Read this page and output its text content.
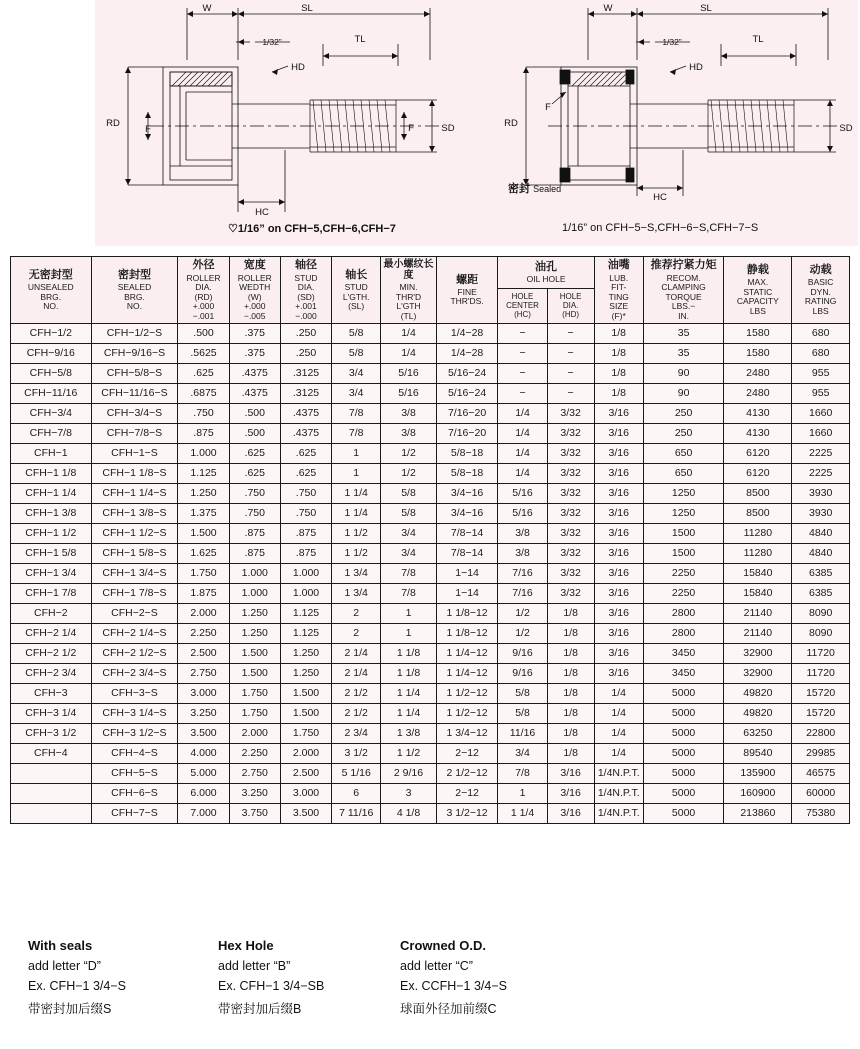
W	SL
1/32”	TL
HD
RD
F	F	SD
HC
W	SL
1/32”	TL
HD
RD
F
SD
HC
密封 Sealed
♡1/16” on CFH−5,CFH−6,CFH−7	1/16” on CFH−5−S,CFH−6−S,CFH−7−S
无密封型
UNSEALED
BRG.
NO.

密封型
SEALED
BRG.
NO.

外径
ROLLER
DIA.
(RD)
+.000
−.001

宽度
ROLLER
WEDTH
(W)
+.000
−.005

轴径
STUD
DIA.
(SD)
+.001
−.000

轴长
STUD
L'GTH.
(SL)

最小螺纹长度
MIN.
THR'D
L'GTH
(TL)

螺距
FINE
THR'DS.

油孔
OIL HOLE

油嘴
LUB.
FIT-
TING
SIZE
(F)*

推荐拧紧力矩
RECOM.
CLAMPING
TORQUE
LBS.−
IN.

静载
MAX.
STATIC
CAPACITY
LBS

动载
BASIC
DYN.
RATING
LBS

								HOLE
CENTER
(HC)	HOLE
DIA.
(HD)				

CFH−1/2	CFH−1/2−S	.500	.375	.250	5/8	1/4	1/4−28	−	−	1/8	35	1580	680
CFH−9/16	CFH−9/16−S	.5625	.375	.250	5/8	1/4	1/4−28	−	−	1/8	35	1580	680
CFH−5/8	CFH−5/8−S	.625	.4375	.3125	3/4	5/16	5/16−24	−	−	1/8	90	2480	955
CFH−11/16	CFH−11/16−S	.6875	.4375	.3125	3/4	5/16	5/16−24	−	−	1/8	90	2480	955
CFH−3/4	CFH−3/4−S	.750	.500	.4375	7/8	3/8	7/16−20	1/4	3/32	3/16	250	4130	1660
CFH−7/8	CFH−7/8−S	.875	.500	.4375	7/8	3/8	7/16−20	1/4	3/32	3/16	250	4130	1660
CFH−1	CFH−1−S	1.000	.625	.625	1	1/2	5/8−18	1/4	3/32	3/16	650	6120	2225
CFH−1 1/8	CFH−1 1/8−S	1.125	.625	.625	1	1/2	5/8−18	1/4	3/32	3/16	650	6120	2225
CFH−1 1/4	CFH−1 1/4−S	1.250	.750	.750	1 1/4	5/8	3/4−16	5/16	3/32	3/16	1250	8500	3930
CFH−1 3/8	CFH−1 3/8−S	1.375	.750	.750	1 1/4	5/8	3/4−16	5/16	3/32	3/16	1250	8500	3930
CFH−1 1/2	CFH−1 1/2−S	1.500	.875	.875	1 1/2	3/4	7/8−14	3/8	3/32	3/16	1500	11280	4840
CFH−1 5/8	CFH−1 5/8−S	1.625	.875	.875	1 1/2	3/4	7/8−14	3/8	3/32	3/16	1500	11280	4840
CFH−1 3/4	CFH−1 3/4−S	1.750	1.000	1.000	1 3/4	7/8	1−14	7/16	3/32	3/16	2250	15840	6385
CFH−1 7/8	CFH−1 7/8−S	1.875	1.000	1.000	1 3/4	7/8	1−14	7/16	3/32	3/16	2250	15840	6385
CFH−2	CFH−2−S	2.000	1.250	1.125	2	1	1 1/8−12	1/2	1/8	3/16	2800	21140	8090
CFH−2 1/4	CFH−2 1/4−S	2.250	1.250	1.125	2	1	1 1/8−12	1/2	1/8	3/16	2800	21140	8090
CFH−2 1/2	CFH−2 1/2−S	2.500	1.500	1.250	2 1/4	1 1/8	1 1/4−12	9/16	1/8	3/16	3450	32900	11720
CFH−2 3/4	CFH−2 3/4−S	2.750	1.500	1.250	2 1/4	1 1/8	1 1/4−12	9/16	1/8	3/16	3450	32900	11720
CFH−3	CFH−3−S	3.000	1.750	1.500	2 1/2	1 1/4	1 1/2−12	5/8	1/8	1/4	5000	49820	15720
CFH−3 1/4	CFH−3 1/4−S	3.250	1.750	1.500	2 1/2	1 1/4	1 1/2−12	5/8	1/8	1/4	5000	49820	15720
CFH−3 1/2	CFH−3 1/2−S	3.500	2.000	1.750	2 3/4	1 3/8	1 3/4−12	11/16	1/8	1/4	5000	63250	22800
CFH−4	CFH−4−S	4.000	2.250	2.000	3 1/2	1 1/2	2−12	3/4	1/8	1/4	5000	89540	29985
	CFH−5−S	5.000	2.750	2.500	5 1/16	2 9/16	2 1/2−12	7/8	3/16	1/4N.P.T.	5000	135900	46575
	CFH−6−S	6.000	3.250	3.000	6	3	2−12	1	3/16	1/4N.P.T.	5000	160900	60000
	CFH−7−S	7.000	3.750	3.500	7 11/16	4 1/8	3 1/2−12	1 1/4	3/16	1/4N.P.T.	5000	213860	75380
With seals
add letter “D”
Ex. CFH−1 3/4−S
带密封加后缀S
Hex Hole
add letter “B”
Ex. CFH−1 3/4−SB
带密封加后缀B
Crowned O.D.
add letter “C”
Ex. CCFH−1 3/4−S
球面外径加前缀C
